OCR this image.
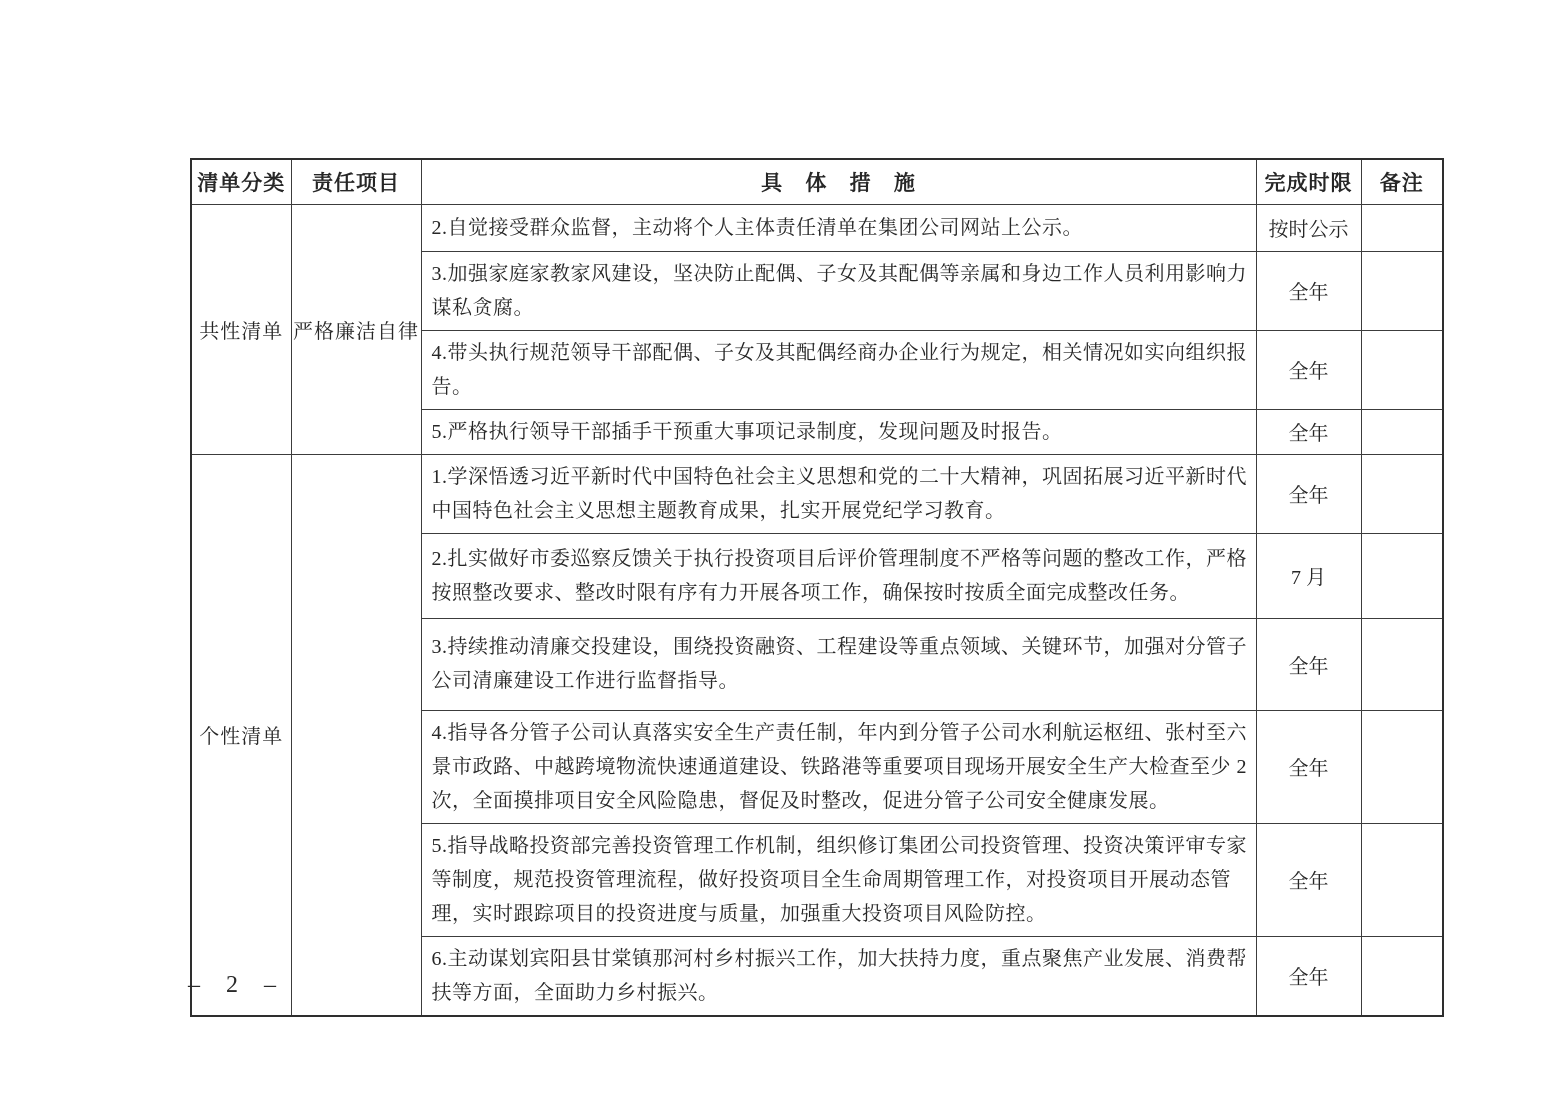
清单分类	责任项目	具 体 措 施	完成时限	备注
共性清单	严格廉洁自律	2.自觉接受群众监督，主动将个人主体责任清单在集团公司网站上公示。	按时公示	
		3.加强家庭家教家风建设，坚决防止配偶、子女及其配偶等亲属和身边工作人员利用影响力谋私贪腐。	全年	
		4.带头执行规范领导干部配偶、子女及其配偶经商办企业行为规定，相关情况如实向组织报告。	全年	
		5.严格执行领导干部插手干预重大事项记录制度，发现问题及时报告。	全年	
个性清单		1.学深悟透习近平新时代中国特色社会主义思想和党的二十大精神，巩固拓展习近平新时代中国特色社会主义思想主题教育成果，扎实开展党纪学习教育。	全年	
		2.扎实做好市委巡察反馈关于执行投资项目后评价管理制度不严格等问题的整改工作，严格按照整改要求、整改时限有序有力开展各项工作，确保按时按质全面完成整改任务。	7 月	
		3.持续推动清廉交投建设，围绕投资融资、工程建设等重点领域、关键环节，加强对分管子公司清廉建设工作进行监督指导。	全年	
		4.指导各分管子公司认真落实安全生产责任制，年内到分管子公司水利航运枢纽、张村至六景市政路、中越跨境物流快速通道建设、铁路港等重要项目现场开展安全生产大检查至少 2 次，全面摸排项目安全风险隐患，督促及时整改，促进分管子公司安全健康发展。	全年	
		5.指导战略投资部完善投资管理工作机制，组织修订集团公司投资管理、投资决策评审专家等制度，规范投资管理流程，做好投资项目全生命周期管理工作，对投资项目开展动态管理，实时跟踪项目的投资进度与质量，加强重大投资项目风险防控。	全年	
		6.主动谋划宾阳县甘棠镇那河村乡村振兴工作，加大扶持力度，重点聚焦产业发展、消费帮扶等方面，全面助力乡村振兴。	全年	
– 2 –
